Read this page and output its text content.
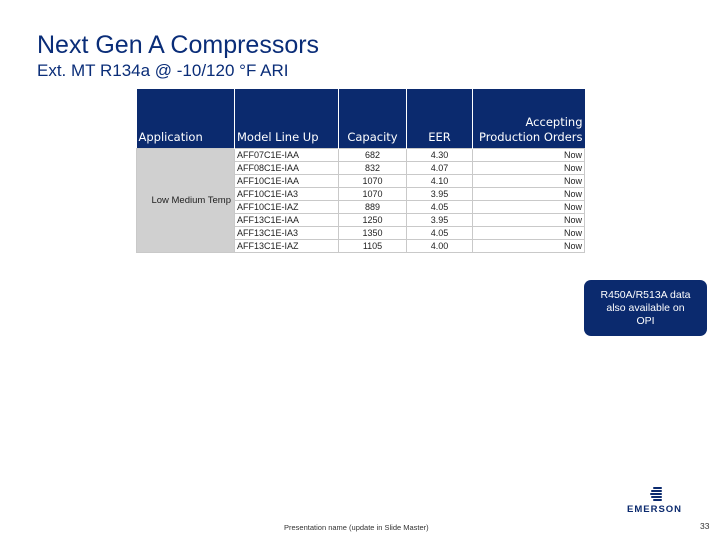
Next Gen A Compressors
Ext. MT R134a @ -10/120 °F ARI
Application	Model Line Up	Capacity	EER	Accepting
Production Orders
Low Medium Temp	AFF07C1E-IAA	682	4.30	Now
	AFF08C1E-IAA	832	4.07	Now
	AFF10C1E-IAA	1070	4.10	Now
	AFF10C1E-IA3	1070	3.95	Now
	AFF10C1E-IAZ	889	4.05	Now
	AFF13C1E-IAA	1250	3.95	Now
	AFF13C1E-IA3	1350	4.05	Now
	AFF13C1E-IAZ	1105	4.00	Now
R450A/R513A data
also available on
OPI
Presentation name (update in Slide Master)
EMERSON
33
